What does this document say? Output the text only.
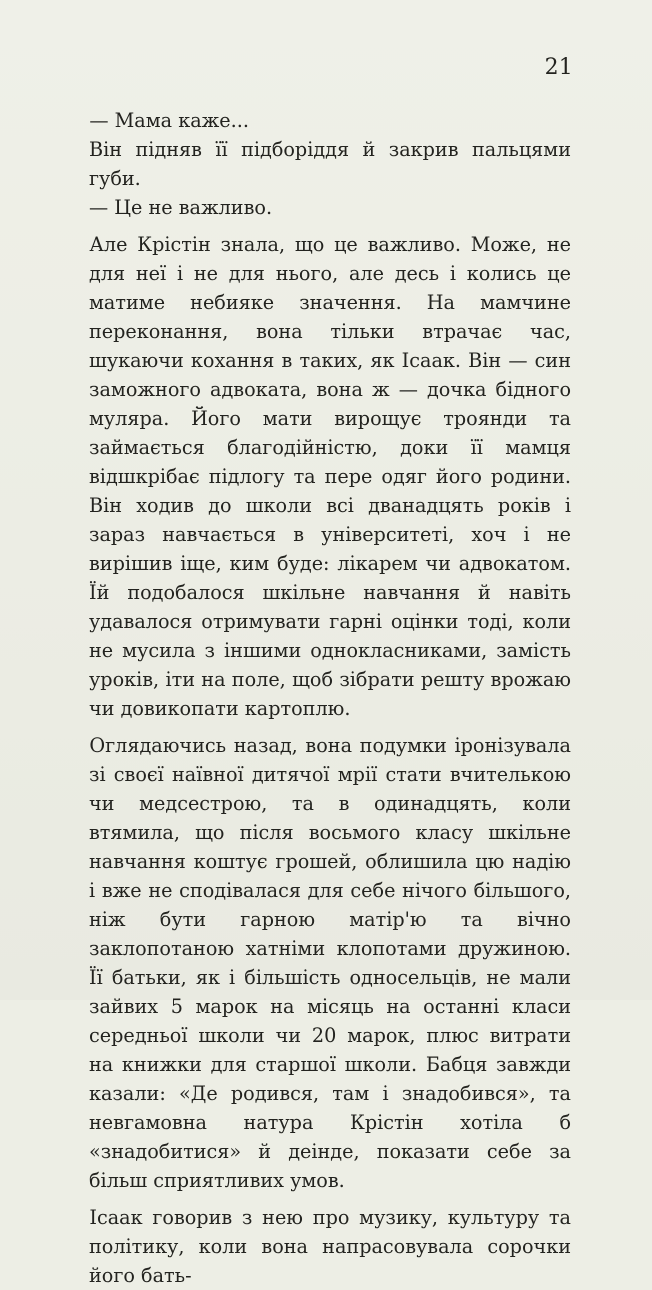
21

— Мама каже...

Він підняв її підборіддя й закрив пальцями губи.

— Це не важливо.

Але Крістін знала, що це важливо. Може, не для неї і не для нього, але десь і колись це матиме небияке значення. На мамчине переконання, вона тільки втрачає час, шукаючи кохання в таких, як Ісаак. Він — син заможного адвоката, вона ж — дочка бідного муляра. Його мати вирощує троянди та займається благодійністю, доки її мамця відшкрібає підлогу та пере одяг його родини. Він ходив до школи всі дванадцять років і зараз навчається в університеті, хоч і не вирішив іще, ким буде: лікарем чи адвокатом. Їй подобалося шкільне навчання й навіть удавалося отримувати гарні оцінки тоді, коли не мусила з іншими однокласниками, замість уроків, іти на поле, щоб зібрати решту врожаю чи довикопати картоплю.

Оглядаючись назад, вона подумки іронізувала зі своєї наївної дитячої мрії стати вчителькою чи медсестрою, та в одинадцять, коли втямила, що після восьмого класу шкільне навчання коштує грошей, облишила цю надію і вже не сподівалася для себе нічого більшого, ніж бути гарною матір'ю та вічно заклопотаною хатніми клопотами дружиною. Її батьки, як і більшість односельців, не мали зайвих 5 марок на місяць на останні класи середньої школи чи 20 марок, плюс витрати на книжки для старшої школи. Бабця завжди казали: «Де родився, там і знадобився», та невгамовна натура Крістін хотіла б «знадобитися» й деінде, показати себе за більш сприятливих умов.

Ісаак говорив з нею про музику, культуру та політику, коли вона напрасовувала сорочки його бать-
